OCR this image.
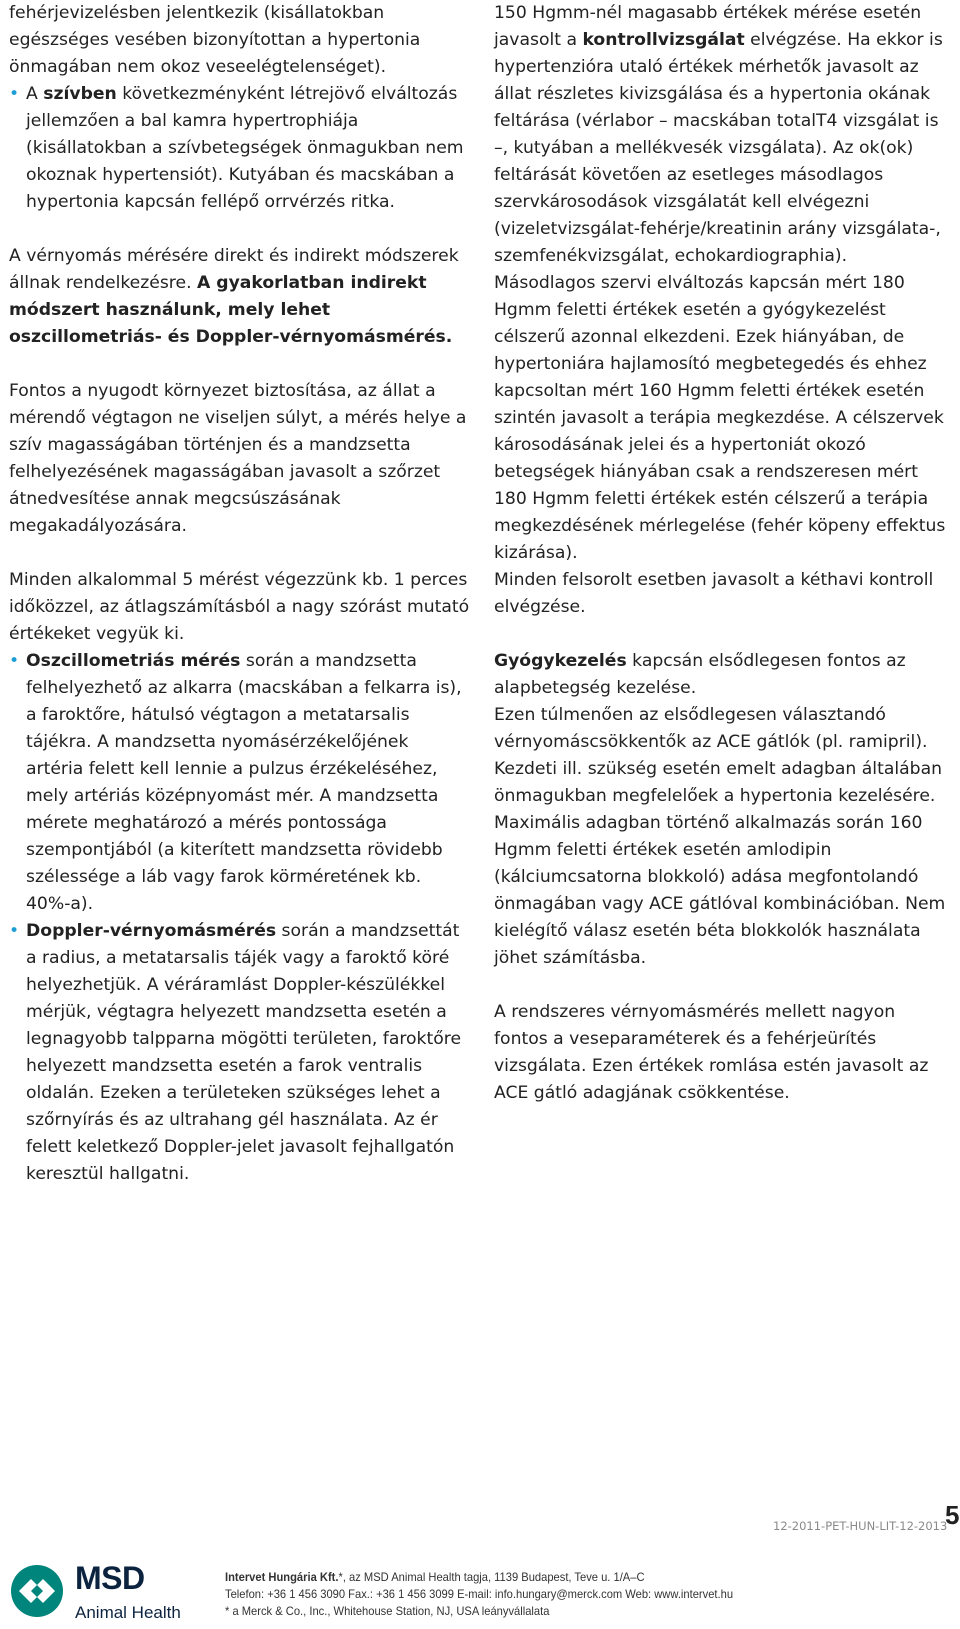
fehérjevizelésben jelentkezik (kisállatokban egészséges vesében bizonyítottan a hypertonia önmagában nem okoz veseelégtelenséget).

• A szívben következményként létrejövő elváltozás jellemzően a bal kamra hypertrophiája (kisállatokban a szívbetegségek önmagukban nem okoznak hypertensiót). Kutyában és macskában a hypertonia kapcsán fellépő orrvérzés ritka.

A vérnyomás mérésére direkt és indirekt módszerek állnak rendelkezésre. A gyakorlatban indirekt módszert használunk, mely lehet oszcillometriás- és Doppler-vérnyomásmérés.

Fontos a nyugodt környezet biztosítása, az állat a mérendő végtagon ne viseljen súlyt, a mérés helye a szív magasságában történjen és a mandzsetta felhelyezésének magasságában javasolt a szőrzet átnedvesítése annak megcsúszásának megakadályozására.

Minden alkalommal 5 mérést végezzünk kb. 1 perces időközzel, az átlagszámításból a nagy szórást mutató értékeket vegyük ki.

• Oszcillometriás mérés során a mandzsetta felhelyezhető az alkarra (macskában a felkarra is), a faroktőre, hátulsó végtagon a metatarsalis tájékra. A mandzsetta nyomásérzékelőjének artéria felett kell lennie a pulzus érzékeléséhez, mely artériás középnyomást mér. A mandzsetta mérete meghatározó a mérés pontossága szempontjából (a kiterített mandzsetta rövidebb szélessége a láb vagy farok körméretének kb. 40%-a).
• Doppler-vérnyomásmérés során a mandzsettát a radius, a metatarsalis tájék vagy a faroktő köré helyezhetjük. A véráramlást Doppler-készülékkel mérjük, végtagra helyezett mandzsetta esetén a legnagyobb talpparna mögötti területen, faroktőre helyezett mandzsetta esetén a farok ventralis oldalán. Ezeken a területeken szükséges lehet a szőrnyírás és az ultrahang gél használata. Az ér felett keletkező Doppler-jelet javasolt fejhallgatón keresztül hallgatni.

150 Hgmm-nél magasabb értékek mérése esetén javasolt a kontrollvizsgálat elvégzése. Ha ekkor is hypertenzióra utaló értékek mérhetők javasolt az állat részletes kivizsgálása és a hypertonia okának feltárása (vérlabor – macskában totalT4 vizsgálat is –, kutyában a mellékvesék vizsgálata). Az ok(ok) feltárását követően az esetleges másodlagos szervkárosodások vizsgálatát kell elvégezni (vizeletvizsgálat-fehérje/kreatinin arány vizsgálata-, szemfenékvizsgálat, echokardiographia).

Másodlagos szervi elváltozás kapcsán mért 180 Hgmm feletti értékek esetén a gyógykezelést célszerű azonnal elkezdeni. Ezek hiányában, de hypertoniára hajlamosító megbetegedés és ehhez kapcsoltan mért 160 Hgmm feletti értékek esetén szintén javasolt a terápia megkezdése. A célszervek károsodásának jelei és a hypertoniát okozó betegségek hiányában csak a rendszeresen mért 180 Hgmm feletti értékek estén célszerű a terápia megkezdésének mérlegelése (fehér köpeny effektus kizárása).

Minden felsorolt esetben javasolt a kéthavi kontroll elvégzése.

Gyógykezelés kapcsán elsődlegesen fontos az alapbetegség kezelése.

Ezen túlmenően az elsődlegesen választandó vérnyomáscsökkentők az ACE gátlók (pl. ramipril).

Kezdeti ill. szükség esetén emelt adagban általában önmagukban megfelelőek a hypertonia kezelésére. Maximális adagban történő alkalmazás során 160 Hgmm feletti értékek esetén amlodipin (kálciumcsatorna blokkoló) adása megfontolandó önmagában vagy ACE gátlóval kombinációban. Nem kielégítő válasz esetén béta blokkolók használata jöhet számításba.

A rendszeres vérnyomásmérés mellett nagyon fontos a veseparaméterek és a fehérjeürítés vizsgálata. Ezen értékek romlása estén javasolt az ACE gátló adagjának csökkentése.

12-2011-PET-HUN-LIT-12-2013
5
MSD
Animal Health
Intervet Hungária Kft.*, az MSD Animal Health tagja, 1139 Budapest, Teve u. 1/A–C
Telefon: +36 1 456 3090 Fax.: +36 1 456 3099 E-mail: info.hungary@merck.com Web: www.intervet.hu
* a Merck & Co., Inc., Whitehouse Station, NJ, USA leányvállalata
